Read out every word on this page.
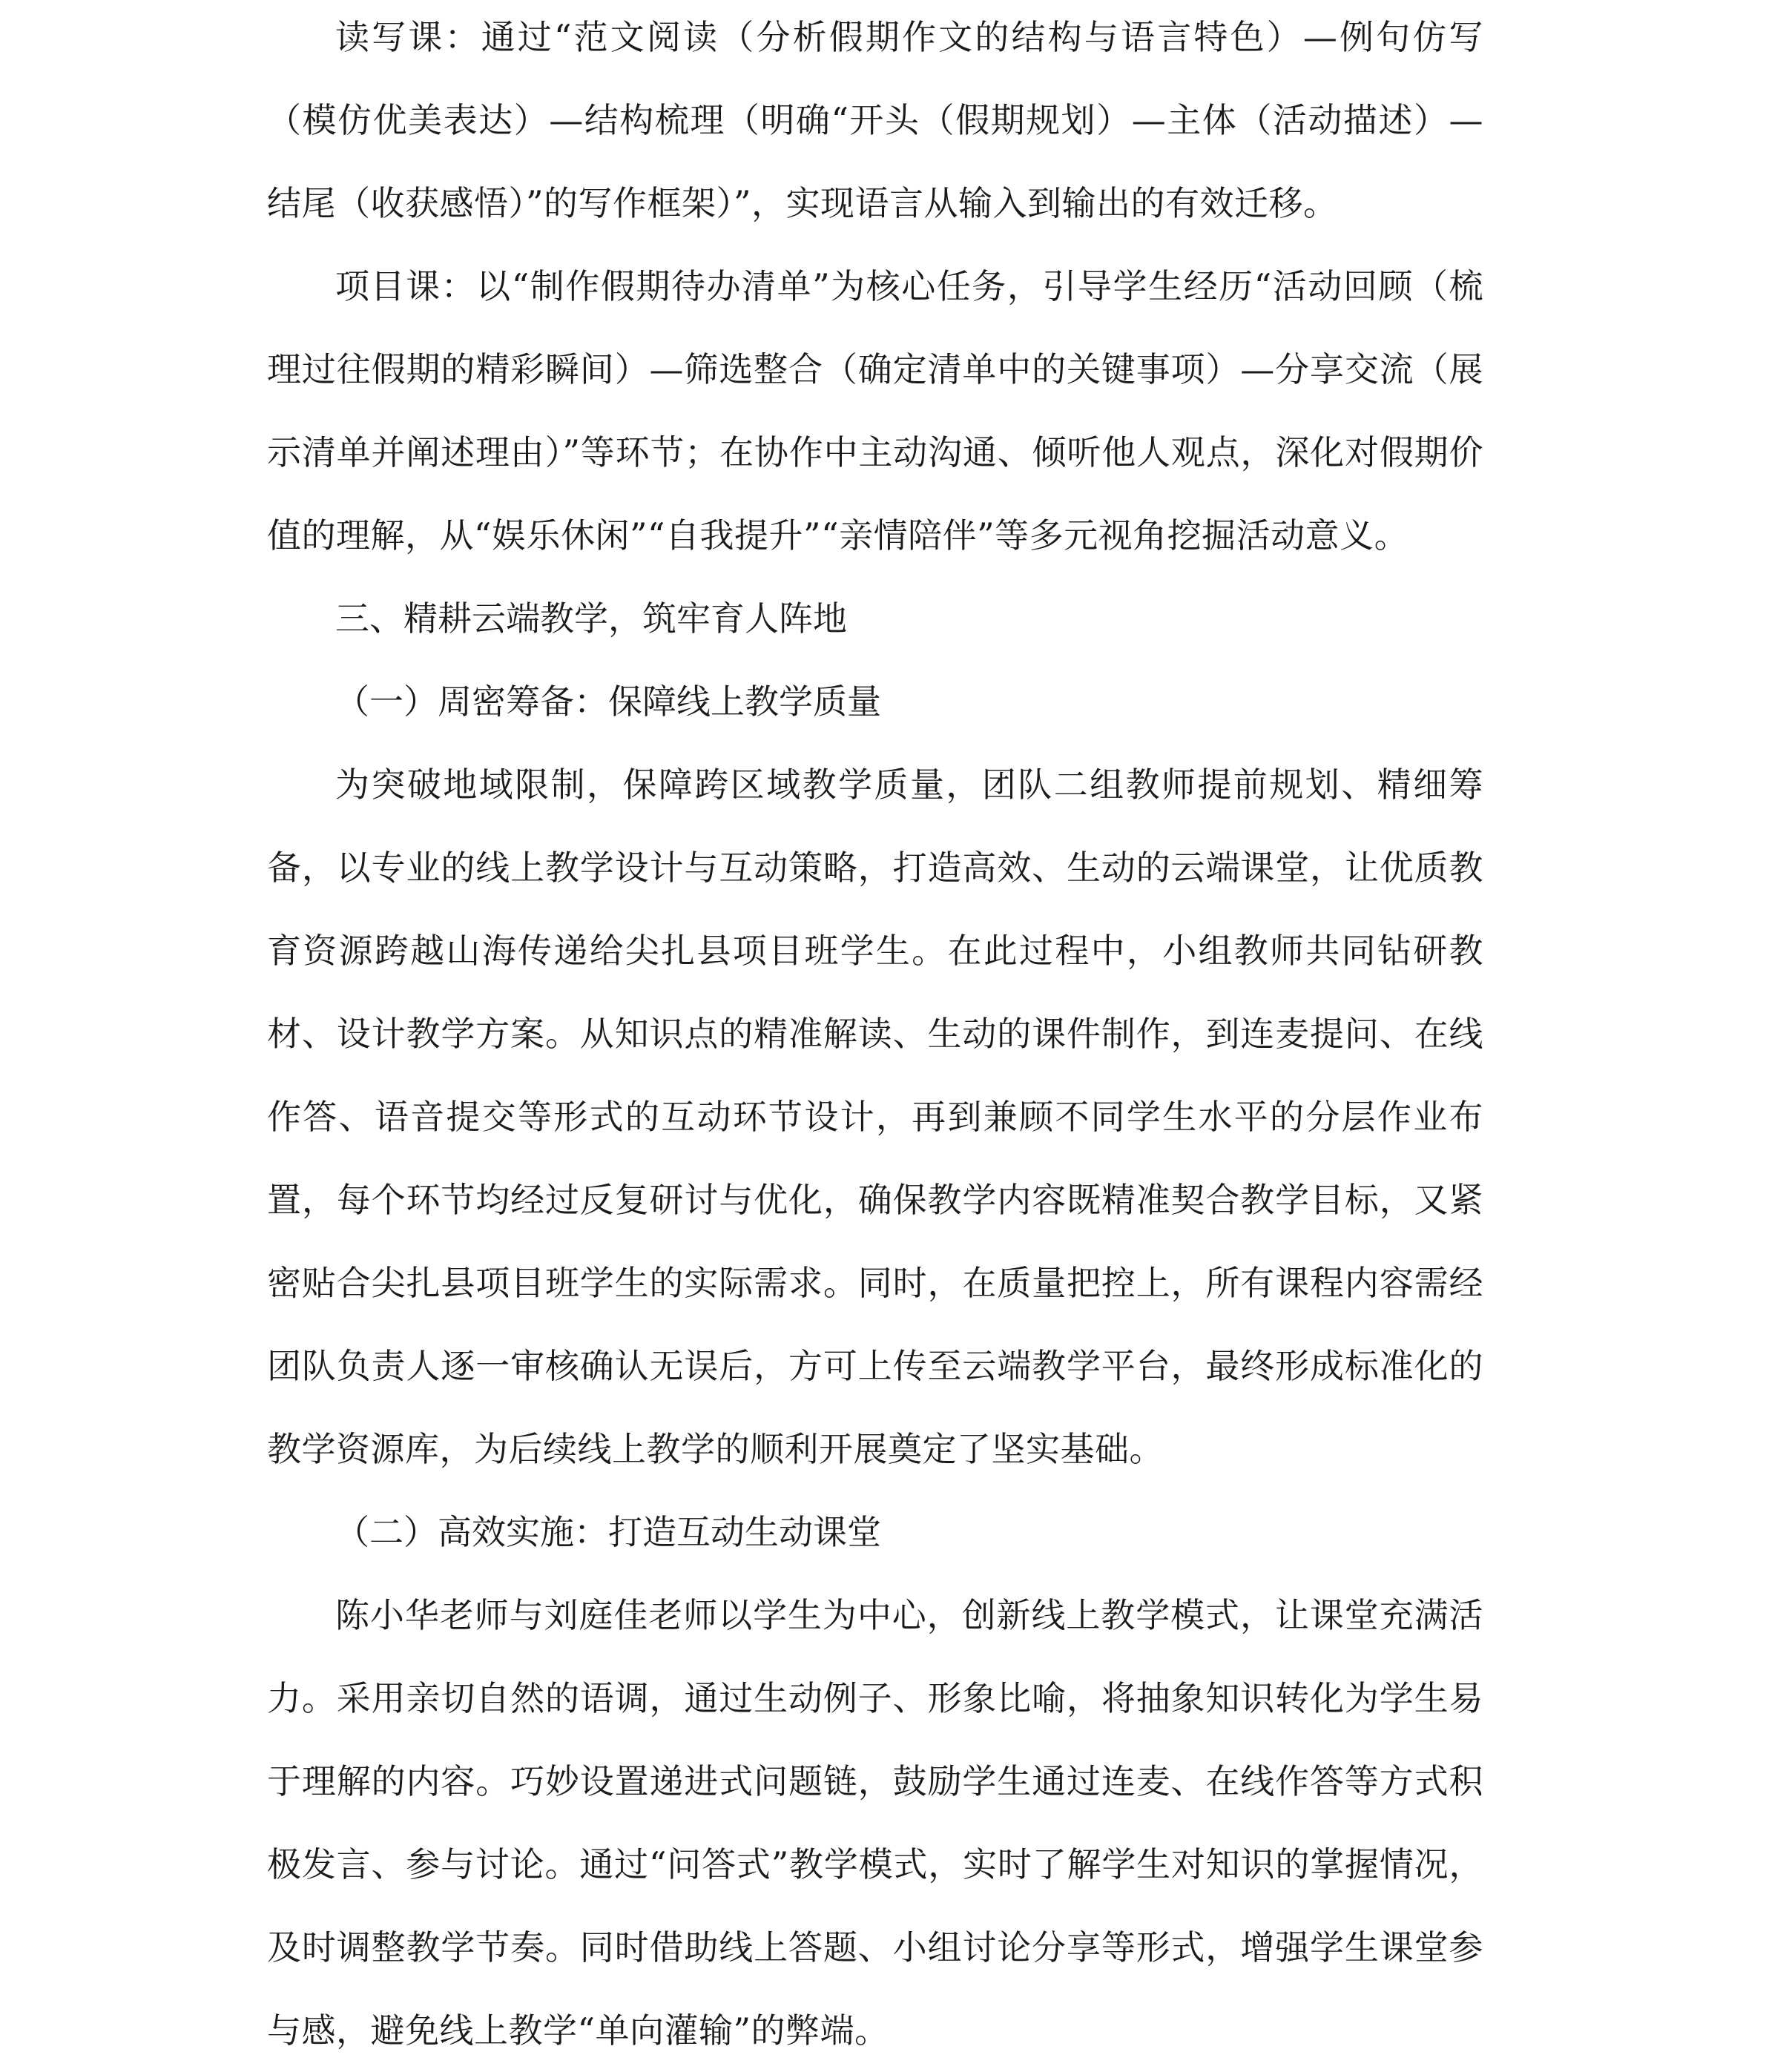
读写课：通过“范文阅读（分析假期作文的结构与语言特色）—例句仿写（模仿优美表达）—结构梳理（明确“开头（假期规划）—主体（活动描述）—结尾（收获感悟）”的写作框架）”，实现语言从输入到输出的有效迁移。

项目课：以“制作假期待办清单”为核心任务，引导学生经历“活动回顾（梳理过往假期的精彩瞬间）—筛选整合（确定清单中的关键事项）—分享交流（展示清单并阐述理由）”等环节；在协作中主动沟通、倾听他人观点，深化对假期价值的理解，从“娱乐休闲”“自我提升”“亲情陪伴”等多元视角挖掘活动意义。

三、精耕云端教学，筑牢育人阵地

（一）周密筹备：保障线上教学质量

为突破地域限制，保障跨区域教学质量，团队二组教师提前规划、精细筹备，以专业的线上教学设计与互动策略，打造高效、生动的云端课堂，让优质教育资源跨越山海传递给尖扎县项目班学生。在此过程中，小组教师共同钻研教材、设计教学方案。从知识点的精准解读、生动的课件制作，到连麦提问、在线作答、语音提交等形式的互动环节设计，再到兼顾不同学生水平的分层作业布置，每个环节均经过反复研讨与优化，确保教学内容既精准契合教学目标，又紧密贴合尖扎县项目班学生的实际需求。同时，在质量把控上，所有课程内容需经团队负责人逐一审核确认无误后，方可上传至云端教学平台，最终形成标准化的教学资源库，为后续线上教学的顺利开展奠定了坚实基础。

（二）高效实施：打造互动生动课堂

陈小华老师与刘庭佳老师以学生为中心，创新线上教学模式，让课堂充满活力。采用亲切自然的语调，通过生动例子、形象比喻，将抽象知识转化为学生易于理解的内容。巧妙设置递进式问题链，鼓励学生通过连麦、在线作答等方式积极发言、参与讨论。通过“问答式”教学模式，实时了解学生对知识的掌握情况，及时调整教学节奏。同时借助线上答题、小组讨论分享等形式，增强学生课堂参与感，避免线上教学“单向灌输”的弊端。
